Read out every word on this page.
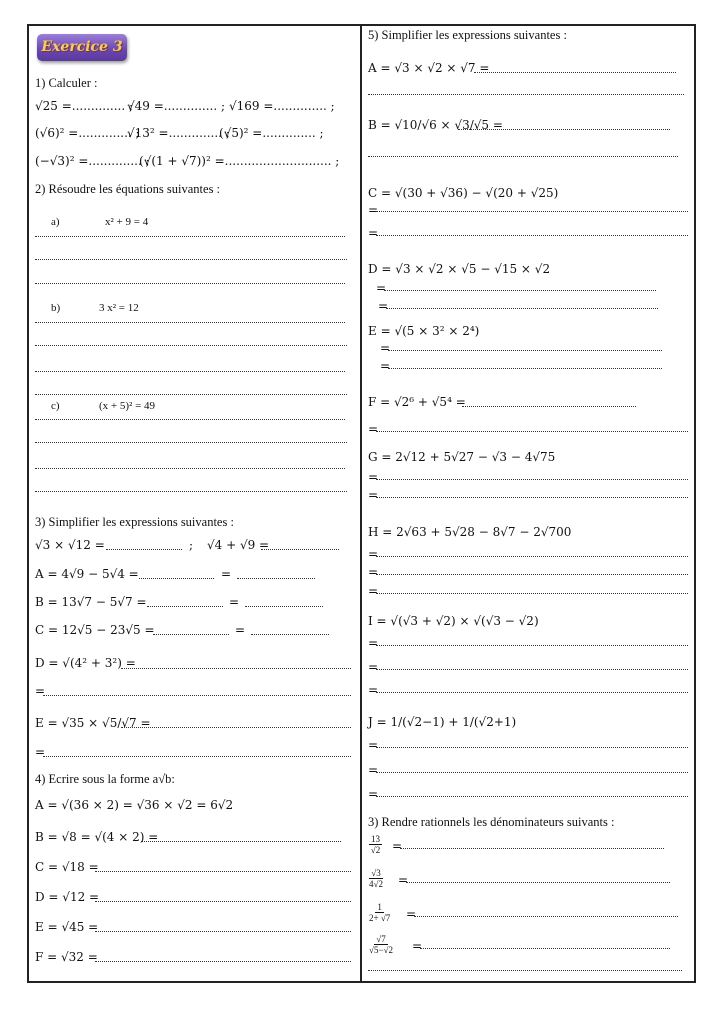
Exercice 3
1) Calculer :
√25 =.............. ;
√49 =.............. ; √169 =.............. ;
(√6)² =.............. ;
√13² =.............. ;
(√5)² =.............. ;
(−√3)² =.............. ;
(√(1 + √7))² =............................ ;
2) Résoudre les équations suivantes :
a)	x² + 9 = 4
b)	3 x² = 12
c)	(x + 5)² = 49
3) Simplifier les expressions suivantes :
√3 × √12 =	; √4 + √9 =
A = 4√9 − 5√4 =	=
B = 13√7 − 5√7 =	=
C = 12√5 − 23√5 =	=
D = √(4² + 3²) =
=
E = √35 × √5/√7 =
=
4) Ecrire sous la forme a√b:
A = √(36 × 2) = √36 × √2 = 6√2
B = √8 = √(4 × 2) =
C = √18 =
D = √12 =
E = √45 =
F = √32 =
5) Simplifier les expressions suivantes :
A = √3 × √2 × √7 =
B = √10/√6 × √3/√5 =
C = √(30 + √36) − √(20 + √25)
=
=
D = √3 × √2 × √5 − √15 × √2
=
=
E = √(5 × 3² × 2⁴)
=
=
F = √2⁶ + √5⁴ =
=
G = 2√12 + 5√27 − √3 − 4√75
=
=
H = 2√63 + 5√28 − 8√7 − 2√700
=
=
=
I = √(√3 + √2) × √(√3 − √2)
=
=
=
J = 1/(√2−1) + 1/(√2+1)
=
=
=
3) Rendre rationnels les dénominateurs suivants :
$\frac{13}{√2}$ =
$\frac{√3}{4√2}$ =
$\frac{1}{2+ √7}$ =
$\frac{√7}{√5-√2}$ =
